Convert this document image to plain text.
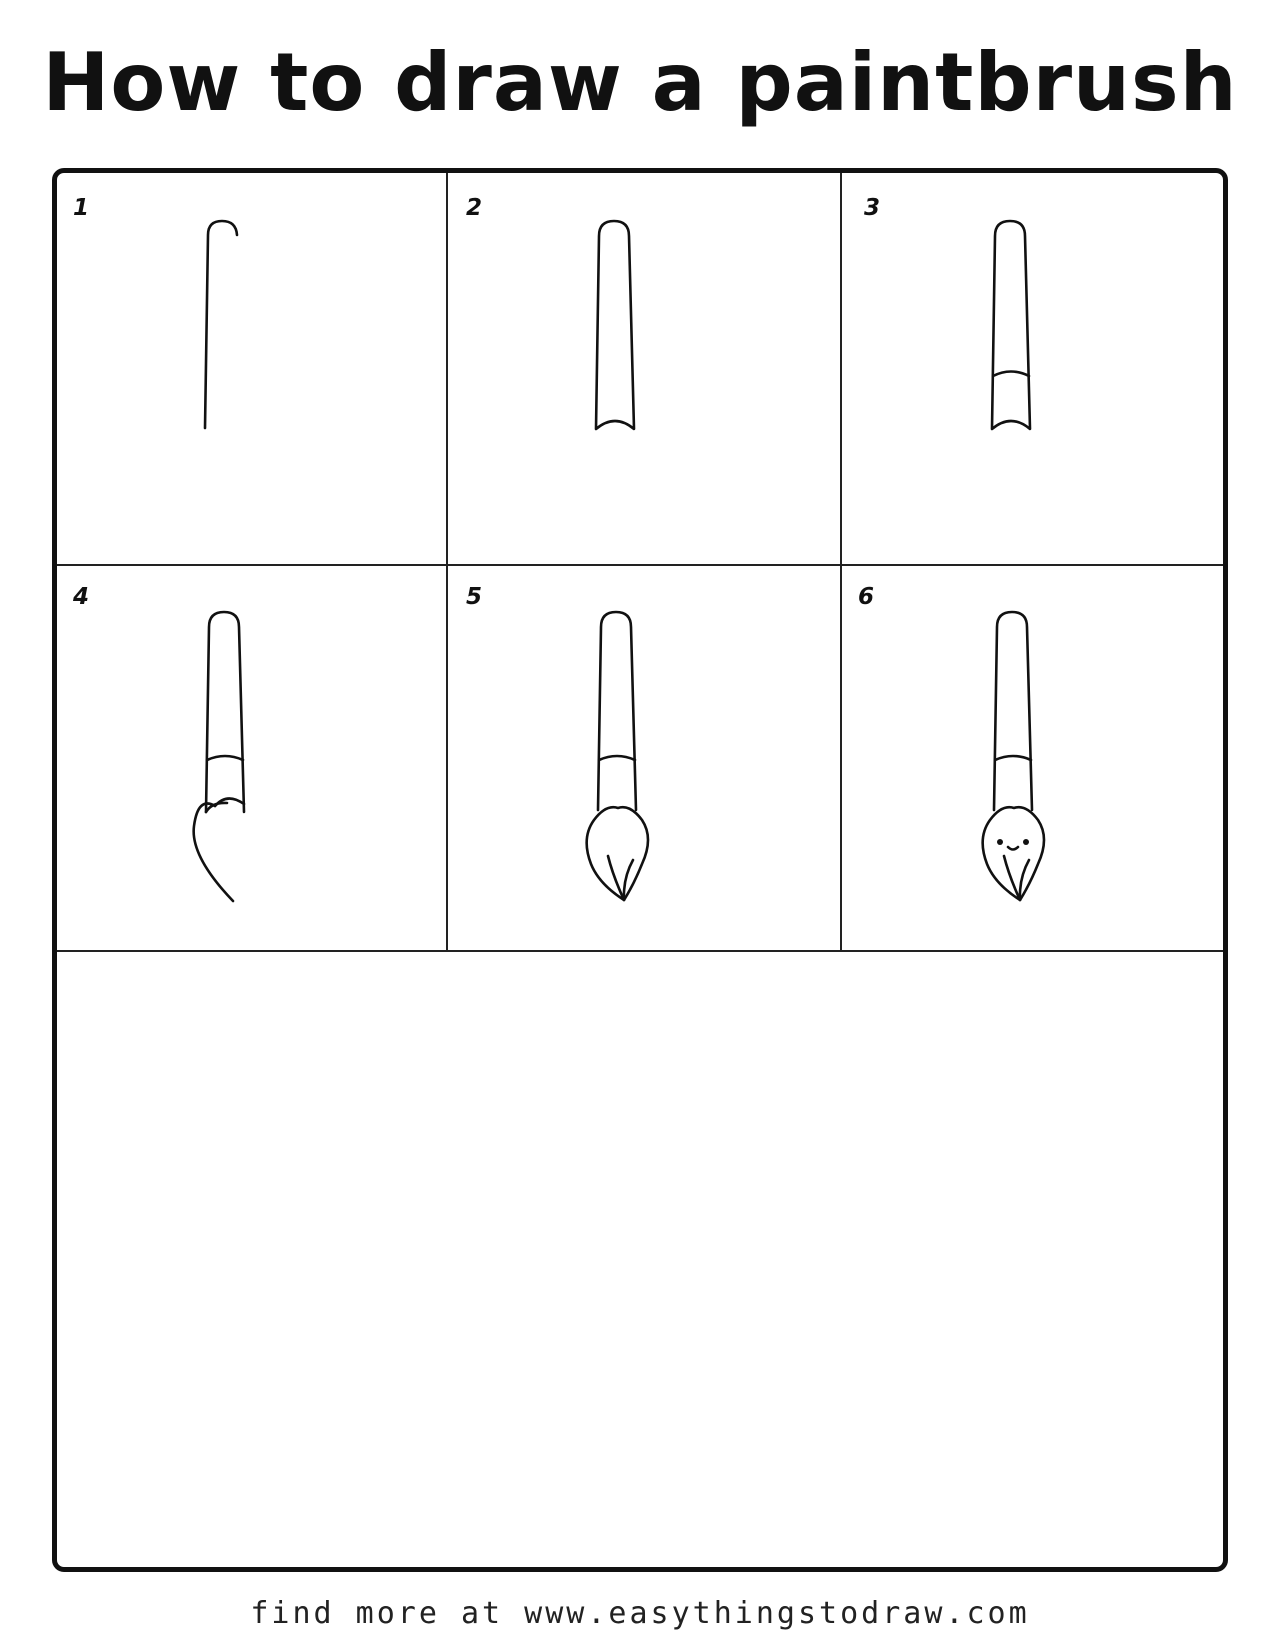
How to draw a paintbrush
1	2	3
4	5	6
find more at www.easythingstodraw.com
